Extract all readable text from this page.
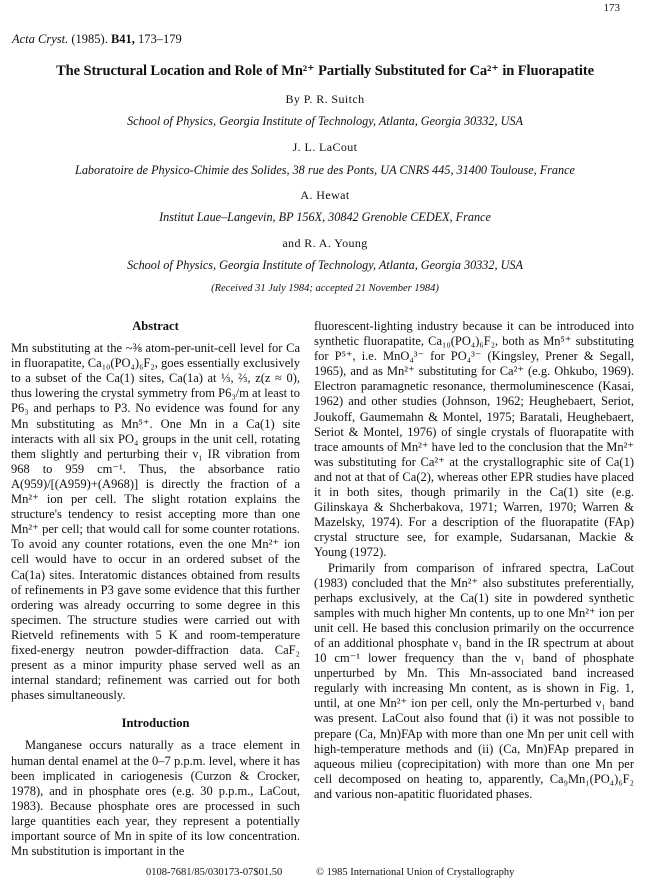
173
Acta Cryst. (1985). B41, 173–179
The Structural Location and Role of Mn²⁺ Partially Substituted for Ca²⁺ in Fluorapatite
By P. R. Suitch
School of Physics, Georgia Institute of Technology, Atlanta, Georgia 30332, USA
J. L. LaCout
Laboratoire de Physico-Chimie des Solides, 38 rue des Ponts, UA CNRS 445, 31400 Toulouse, France
A. Hewat
Institut Laue–Langevin, BP 156X, 30842 Grenoble CEDEX, France
and R. A. Young
School of Physics, Georgia Institute of Technology, Atlanta, Georgia 30332, USA
(Received 31 July 1984; accepted 21 November 1984)
Abstract

Mn substituting at the ~⅜ atom-per-unit-cell level for Ca in fluorapatite, Ca₁₀(PO₄)₆F₂, goes essentially exclusively to a subset of the Ca(1) sites, Ca(1a) at ⅓, ⅔, z(z ≈ 0), thus lowering the crystal symmetry from P6₃/m at least to P6₃ and perhaps to P3. No evidence was found for any Mn substituting as Mn⁵⁺. One Mn in a Ca(1) site interacts with all six PO₄ groups in the unit cell, rotating them slightly and perturbing their ν₁ IR vibration from 968 to 959 cm⁻¹. Thus, the absorbance ratio A(959)/[(A959)+(A968)] is directly the fraction of a Mn²⁺ ion per cell. The slight rotation explains the structure's tendency to resist accepting more than one Mn²⁺ per cell; that would call for some counter rotations. To avoid any counter rotations, even the one Mn²⁺ ion cell would have to occur in an ordered subset of the Ca(1a) sites. Interatomic distances obtained from results of refinements in P3 gave some evidence that this further ordering was already occurring to some degree in this specimen. The structure studies were carried out with Rietveld refinements with 5 K and room-temperature fixed-energy neutron powder-diffraction data. CaF₂ present as a minor impurity phase served well as an internal standard; refinement was carried out for both phases simultaneously.

Introduction

Manganese occurs naturally as a trace element in human dental enamel at the 0–7 p.p.m. level, where it has been implicated in cariogenesis (Curzon & Crocker, 1978), and in phosphate ores (e.g. 30 p.p.m., LaCout, 1983). Because phosphate ores are processed in such large quantities each year, they represent a potentially important source of Mn in spite of its low concentration. Mn substitution is important in the

fluorescent-lighting industry because it can be introduced into synthetic fluorapatite, Ca₁₀(PO₄)₆F₂, both as Mn⁵⁺ substituting for P⁵⁺, i.e. MnO₄³⁻ for PO₄³⁻ (Kingsley, Prener & Segall, 1965), and as Mn²⁺ substituting for Ca²⁺ (e.g. Ohkubo, 1969). Electron paramagnetic resonance, thermoluminescence (Kasai, 1962) and other studies (Johnson, 1962; Heughebaert, Seriot, Joukoff, Gaumemahn & Montel, 1975; Baratali, Heughebaert, Seriot & Montel, 1976) of single crystals of fluorapatite with trace amounts of Mn²⁺ have led to the conclusion that the Mn²⁺ was substituting for Ca²⁺ at the crystallographic site of Ca(1) and not at that of Ca(2), whereas other EPR studies have placed it in both sites, though primarily in the Ca(1) site (e.g. Gilinskaya & Shcherbakova, 1971; Warren, 1970; Warren & Mazelsky, 1974). For a description of the fluorapatite (FAp) crystal structure see, for example, Sudarsanan, Mackie & Young (1972).

Primarily from comparison of infrared spectra, LaCout (1983) concluded that the Mn²⁺ also substitutes preferentially, perhaps exclusively, at the Ca(1) site in powdered synthetic samples with much higher Mn contents, up to one Mn²⁺ ion per unit cell. He based this conclusion primarily on the occurrence of an additional phosphate ν₁ band in the IR spectrum at about 10 cm⁻¹ lower frequency than the ν₁ band of phosphate unperturbed by Mn. This Mn-associated band increased regularly with increasing Mn content, as is shown in Fig. 1, until, at one Mn²⁺ ion per cell, only the Mn-perturbed ν₁ band was present. LaCout also found that (i) it was not possible to prepare (Ca, Mn)FAp with more than one Mn per unit cell with high-temperature methods and (ii) (Ca, Mn)FAp prepared in aqueous milieu (coprecipitation) with more than one Mn per cell decomposed on heating to, apparently, Ca₉Mn₁(PO₄)₆F₂ and various non-apatitic fluoridated phases.

0108-7681/85/030173-07$01.50	© 1985 International Union of Crystallography
